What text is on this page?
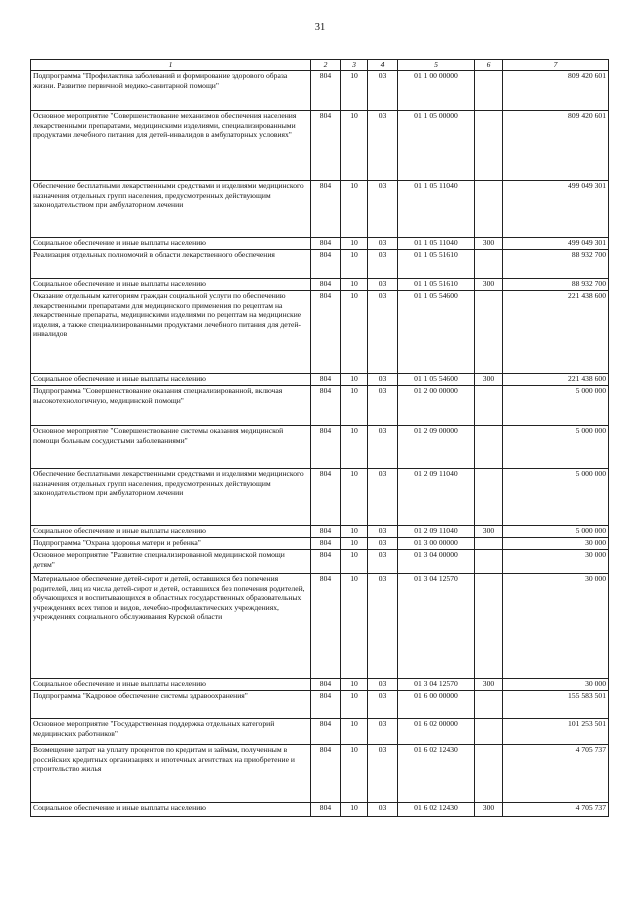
31
1	2	3	4	5	6	7
Подпрограмма "Профилактика заболеваний и формирование здорового образа жизни. Развитие первичной медико-санитарной помощи"	804	10	03	01 1 00 00000		809 420 601
Основное мероприятие "Совершенствование механизмов обеспечения населения лекарственными препаратами, медицинскими изделиями, специализированными продуктами лечебного питания для детей-инвалидов в амбулаторных условиях"	804	10	03	01 1 05 00000		809 420 601
Обеспечение бесплатными лекарственными средствами и изделиями медицинского назначения отдельных групп населения, предусмотренных действующим законодательством при амбулаторном лечении	804	10	03	01 1 05 11040		499 049 301
Социальное обеспечение и иные выплаты населению	804	10	03	01 1 05 11040	300	499 049 301
Реализация отдельных полномочий в области лекарственного обеспечения	804	10	03	01 1 05 51610		88 932 700
Социальное обеспечение и иные выплаты населению	804	10	03	01 1 05 51610	300	88 932 700
Оказание отдельным категориям граждан социальной услуги по обеспечению лекарственными препаратами для медицинского применения по рецептам на лекарственные препараты, медицинскими изделиями по рецептам на медицинские изделия, а также специализированными продуктами лечебного питания для детей-инвалидов	804	10	03	01 1 05 54600		221 438 600
Социальное обеспечение и иные выплаты населению	804	10	03	01 1 05 54600	300	221 438 600
Подпрограмма "Совершенствование оказания специализированной, включая высокотехнологичную, медицинской помощи"	804	10	03	01 2 00 00000		5 000 000
Основное мероприятие "Совершенствование системы оказания медицинской помощи больным сосудистыми заболеваниями"	804	10	03	01 2 09 00000		5 000 000
Обеспечение бесплатными лекарственными средствами и изделиями медицинского назначения отдельных групп населения, предусмотренных действующим законодательством при амбулаторном лечении	804	10	03	01 2 09 11040		5 000 000
Социальное обеспечение и иные выплаты населению	804	10	03	01 2 09 11040	300	5 000 000
Подпрограмма "Охрана здоровья матери и ребенка"	804	10	03	01 3 00 00000		30 000
Основное мероприятие "Развитие специализированной медицинской помощи детям"	804	10	03	01 3 04 00000		30 000
Материальное обеспечение детей-сирот и детей, оставшихся без попечения родителей, лиц из числа детей-сирот и детей, оставшихся без попечения родителей, обучающихся и воспитывающихся в областных государственных образовательных учреждениях всех типов и видов, лечебно-профилактических учреждениях, учреждениях социального обслуживания Курской области	804	10	03	01 3 04 12570		30 000
Социальное обеспечение и иные выплаты населению	804	10	03	01 3 04 12570	300	30 000
Подпрограмма "Кадровое обеспечение системы здравоохранения"	804	10	03	01 6 00 00000		155 583 501
Основное мероприятие "Государственная поддержка отдельных категорий медицинских работников"	804	10	03	01 6 02 00000		101 253 501
Возмещение затрат на уплату процентов по кредитам и займам, полученным в российских кредитных организациях и ипотечных агентствах на приобретение и строительство жилья	804	10	03	01 6 02 12430		4 705 737
Социальное обеспечение и иные выплаты населению	804	10	03	01 6 02 12430	300	4 705 737
